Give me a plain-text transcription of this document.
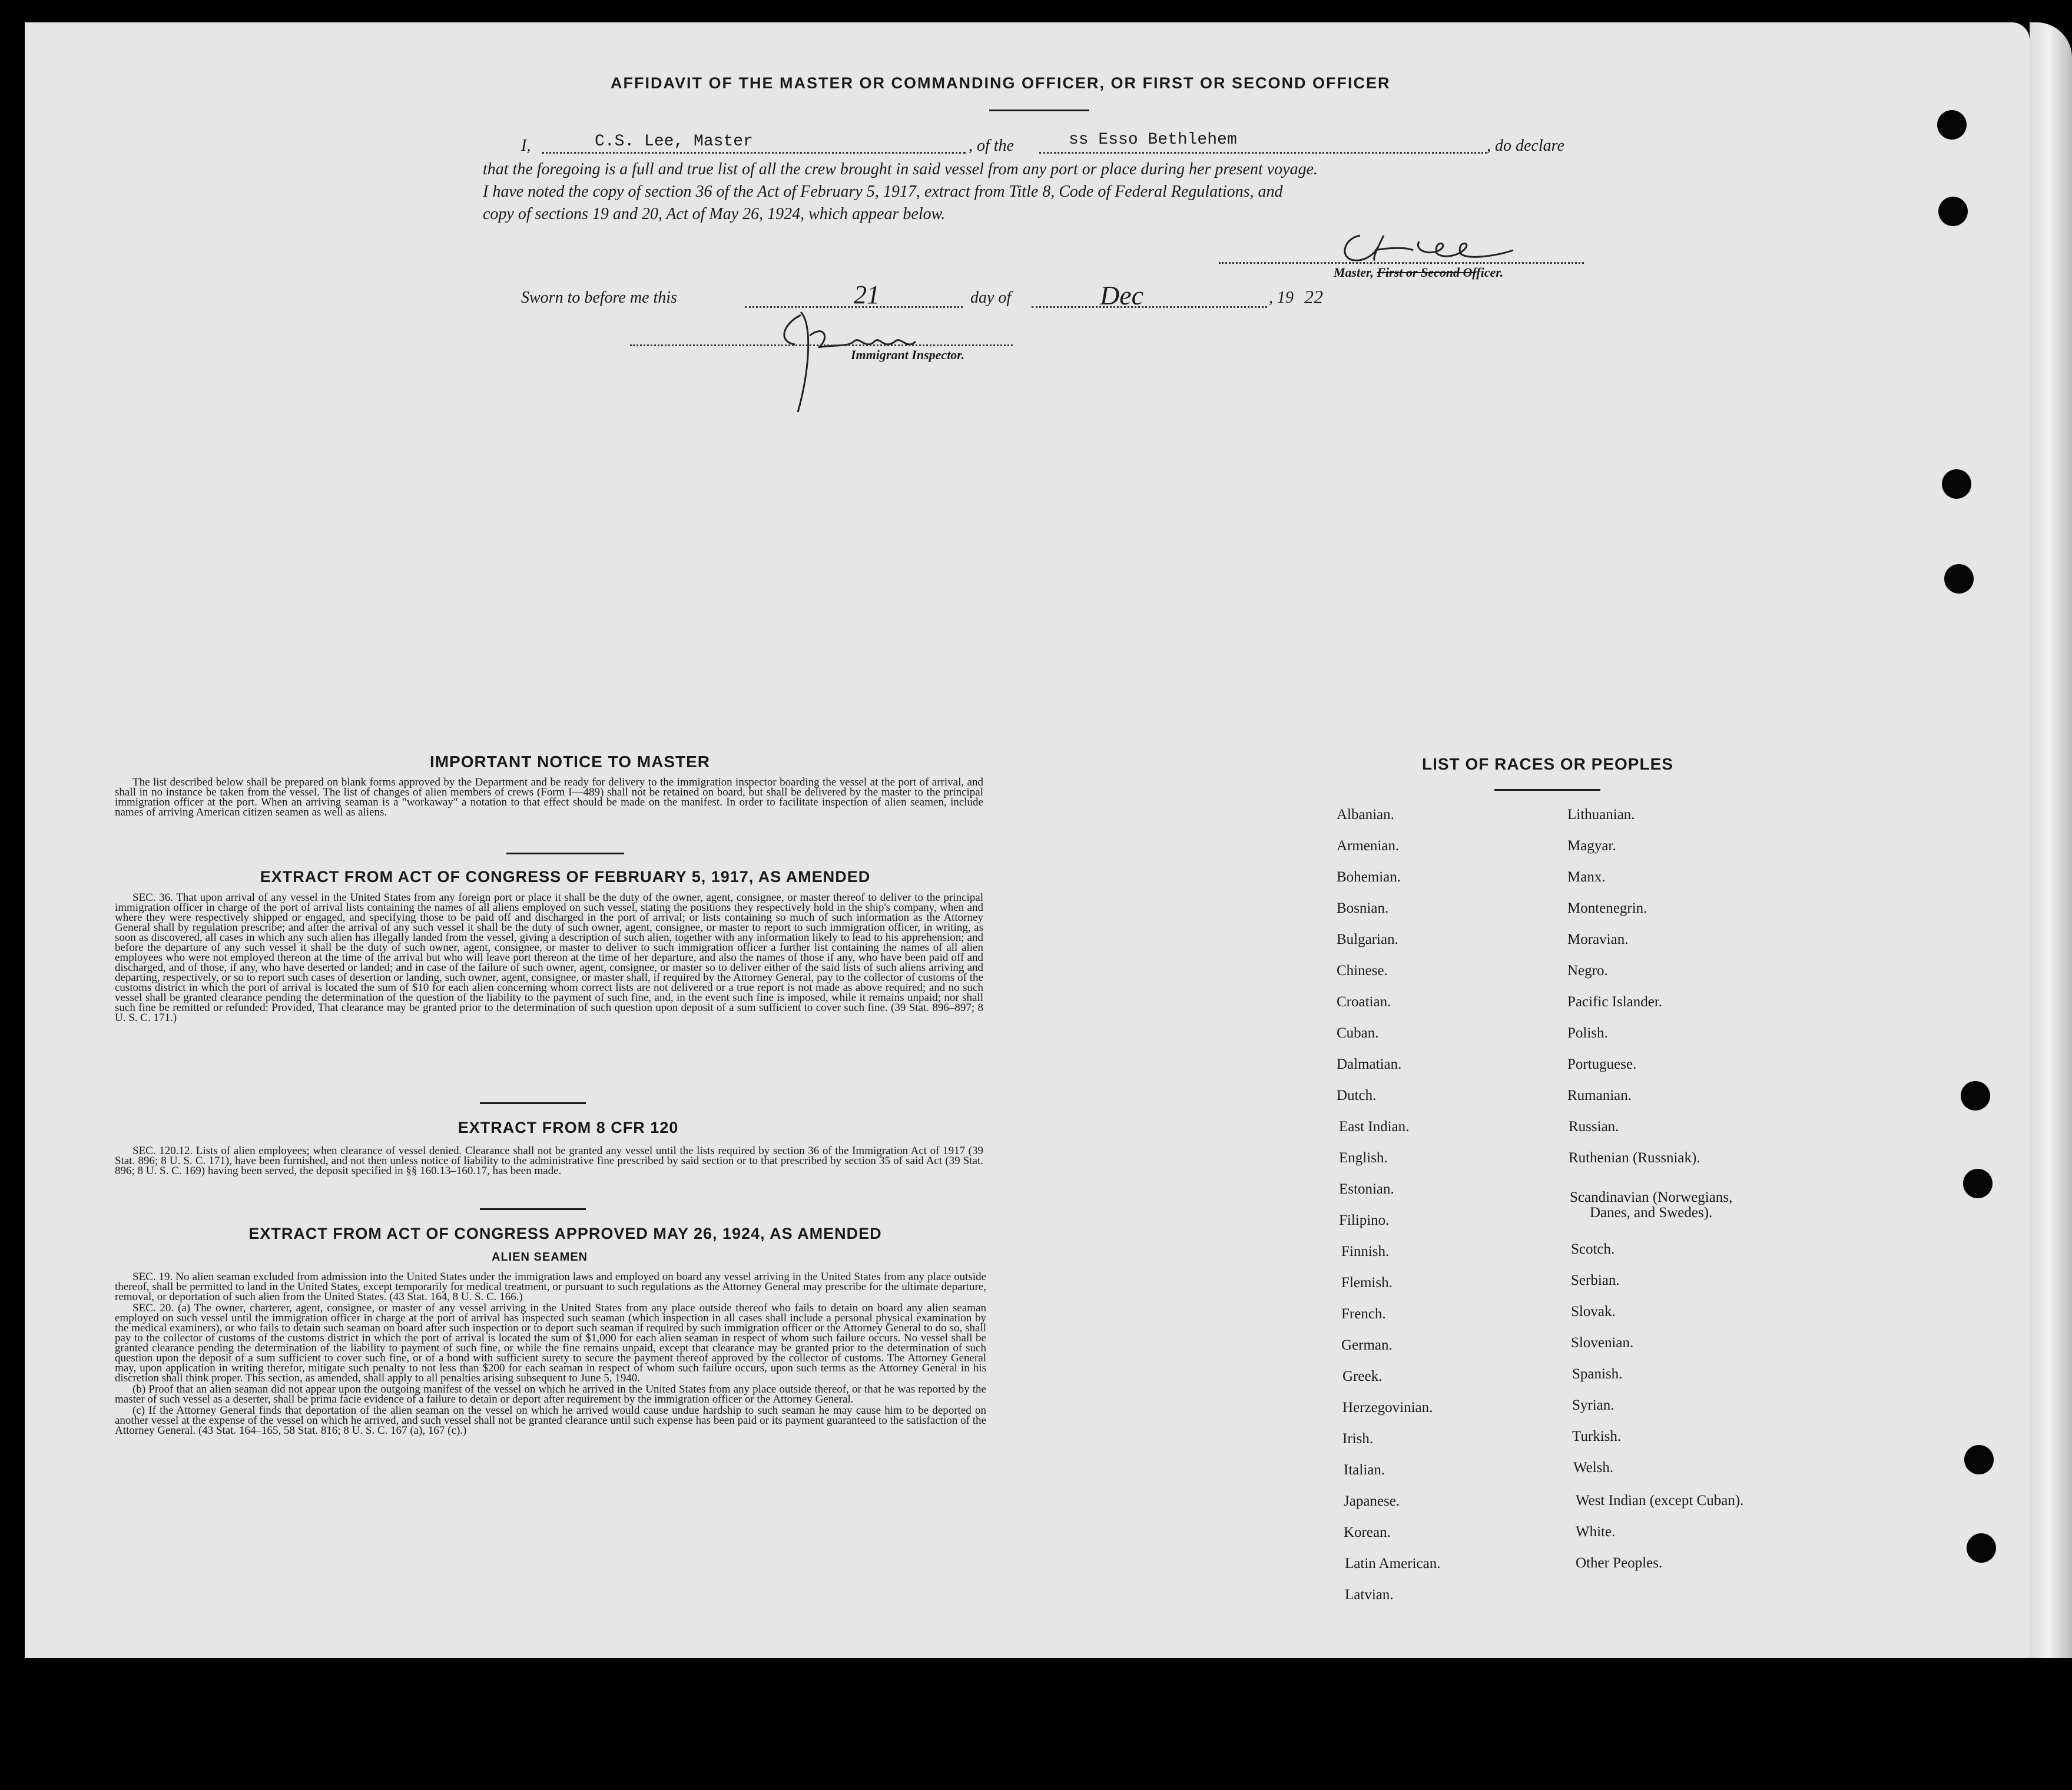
AFFIDAVIT OF THE MASTER OR COMMANDING OFFICER, OR FIRST OR SECOND OFFICER
I,	C.S. Lee, Master	, of the	ss Esso Bethlehem	, do declare
that the foregoing is a full and true list of all the crew brought in said vessel from any port or place during her present voyage.
I have noted the copy of section 36 of the Act of February 5, 1917, extract from Title 8, Code of Federal Regulations, and
copy of sections 19 and 20, Act of May 26, 1924, which appear below.
Master, First or Second Officer.
Sworn to before me this	21	day of	Dec	, 19 22
Immigrant Inspector.
IMPORTANT NOTICE TO MASTER

The list described below shall be prepared on blank forms approved by the Department and be ready for delivery to the immigration inspector boarding the vessel at the port of arrival, and shall in no instance be taken from the vessel. The list of changes of alien members of crews (Form I—489) shall not be retained on board, but shall be delivered by the master to the principal immigration officer at the port. When an arriving seaman is a "workaway" a notation to that effect should be made on the manifest. In order to facilitate inspection of alien seamen, include names of arriving American citizen seamen as well as aliens.

EXTRACT FROM ACT OF CONGRESS OF FEBRUARY 5, 1917, AS AMENDED

SEC. 36. That upon arrival of any vessel in the United States from any foreign port or place it shall be the duty of the owner, agent, consignee, or master thereof to deliver to the principal immigration officer in charge of the port of arrival lists containing the names of all aliens employed on such vessel, stating the positions they respectively hold in the ship's company, when and where they were respectively shipped or engaged, and specifying those to be paid off and discharged in the port of arrival; or lists containing so much of such information as the Attorney General shall by regulation prescribe; and after the arrival of any such vessel it shall be the duty of such owner, agent, consignee, or master to report to such immigration officer, in writing, as soon as discovered, all cases in which any such alien has illegally landed from the vessel, giving a description of such alien, together with any information likely to lead to his apprehension; and before the departure of any such vessel it shall be the duty of such owner, agent, consignee, or master to deliver to such immigration officer a further list containing the names of all alien employees who were not employed thereon at the time of the arrival but who will leave port thereon at the time of her departure, and also the names of those if any, who have been paid off and discharged, and of those, if any, who have deserted or landed; and in case of the failure of such owner, agent, consignee, or master so to deliver either of the said lists of such aliens arriving and departing, respectively, or so to report such cases of desertion or landing, such owner, agent, consignee, or master shall, if required by the Attorney General, pay to the collector of customs of the customs district in which the port of arrival is located the sum of $10 for each alien concerning whom correct lists are not delivered or a true report is not made as above required; and no such vessel shall be granted clearance pending the determination of the question of the liability to the payment of such fine, and, in the event such fine is imposed, while it remains unpaid; nor shall such fine be remitted or refunded: Provided, That clearance may be granted prior to the determination of such question upon deposit of a sum sufficient to cover such fine. (39 Stat. 896–897; 8 U. S. C. 171.)

EXTRACT FROM 8 CFR 120

SEC. 120.12. Lists of alien employees; when clearance of vessel denied. Clearance shall not be granted any vessel until the lists required by section 36 of the Immigration Act of 1917 (39 Stat. 896; 8 U. S. C. 171), have been furnished, and not then unless notice of liability to the administrative fine prescribed by said section or to that prescribed by section 35 of said Act (39 Stat. 896; 8 U. S. C. 169) having been served, the deposit specified in §§ 160.13–160.17, has been made.

EXTRACT FROM ACT OF CONGRESS APPROVED MAY 26, 1924, AS AMENDED
ALIEN SEAMEN

SEC. 19. No alien seaman excluded from admission into the United States under the immigration laws and employed on board any vessel arriving in the United States from any place outside thereof, shall be permitted to land in the United States, except temporarily for medical treatment, or pursuant to such regulations as the Attorney General may prescribe for the ultimate departure, removal, or deportation of such alien from the United States. (43 Stat. 164, 8 U. S. C. 166.)

SEC. 20. (a) The owner, charterer, agent, consignee, or master of any vessel arriving in the United States from any place outside thereof who fails to detain on board any alien seaman employed on such vessel until the immigration officer in charge at the port of arrival has inspected such seaman (which inspection in all cases shall include a personal physical examination by the medical examiners), or who fails to detain such seaman on board after such inspection or to deport such seaman if required by such immigration officer or the Attorney General to do so, shall pay to the collector of customs of the customs district in which the port of arrival is located the sum of $1,000 for each alien seaman in respect of whom such failure occurs. No vessel shall be granted clearance pending the determination of the liability to payment of such fine, or while the fine remains unpaid, except that clearance may be granted prior to the determination of such question upon the deposit of a sum sufficient to cover such fine, or of a bond with sufficient surety to secure the payment thereof approved by the collector of customs. The Attorney General may, upon application in writing therefor, mitigate such penalty to not less than $200 for each seaman in respect of whom such failure occurs, upon such terms as the Attorney General in his discretion shall think proper. This section, as amended, shall apply to all penalties arising subsequent to June 5, 1940.

(b) Proof that an alien seaman did not appear upon the outgoing manifest of the vessel on which he arrived in the United States from any place outside thereof, or that he was reported by the master of such vessel as a deserter, shall be prima facie evidence of a failure to detain or deport after requirement by the immigration officer or the Attorney General.

(c) If the Attorney General finds that deportation of the alien seaman on the vessel on which he arrived would cause undue hardship to such seaman he may cause him to be deported on another vessel at the expense of the vessel on which he arrived, and such vessel shall not be granted clearance until such expense has been paid or its payment guaranteed to the satisfaction of the Attorney General. (43 Stat. 164–165, 58 Stat. 816; 8 U. S. C. 167 (a), 167 (c).)

LIST OF RACES OR PEOPLES
Albanian.
Armenian.
Bohemian.
Bosnian.
Bulgarian.
Chinese.
Croatian.
Cuban.
Dalmatian.
Dutch.
East Indian.
English.
Estonian.
Filipino.
Finnish.
Flemish.
French.
German.
Greek.
Herzegovinian.
Irish.
Italian.
Japanese.
Korean.
Latin American.
Latvian.
Lithuanian.
Magyar.
Manx.
Montenegrin.
Moravian.
Negro.
Pacific Islander.
Polish.
Portuguese.
Rumanian.
Russian.
Ruthenian (Russniak).
Scandinavian (Norwegians,
Danes, and Swedes).
Scotch.
Serbian.
Slovak.
Slovenian.
Spanish.
Syrian.
Turkish.
Welsh.
West Indian (except Cuban).
White.
Other Peoples.
